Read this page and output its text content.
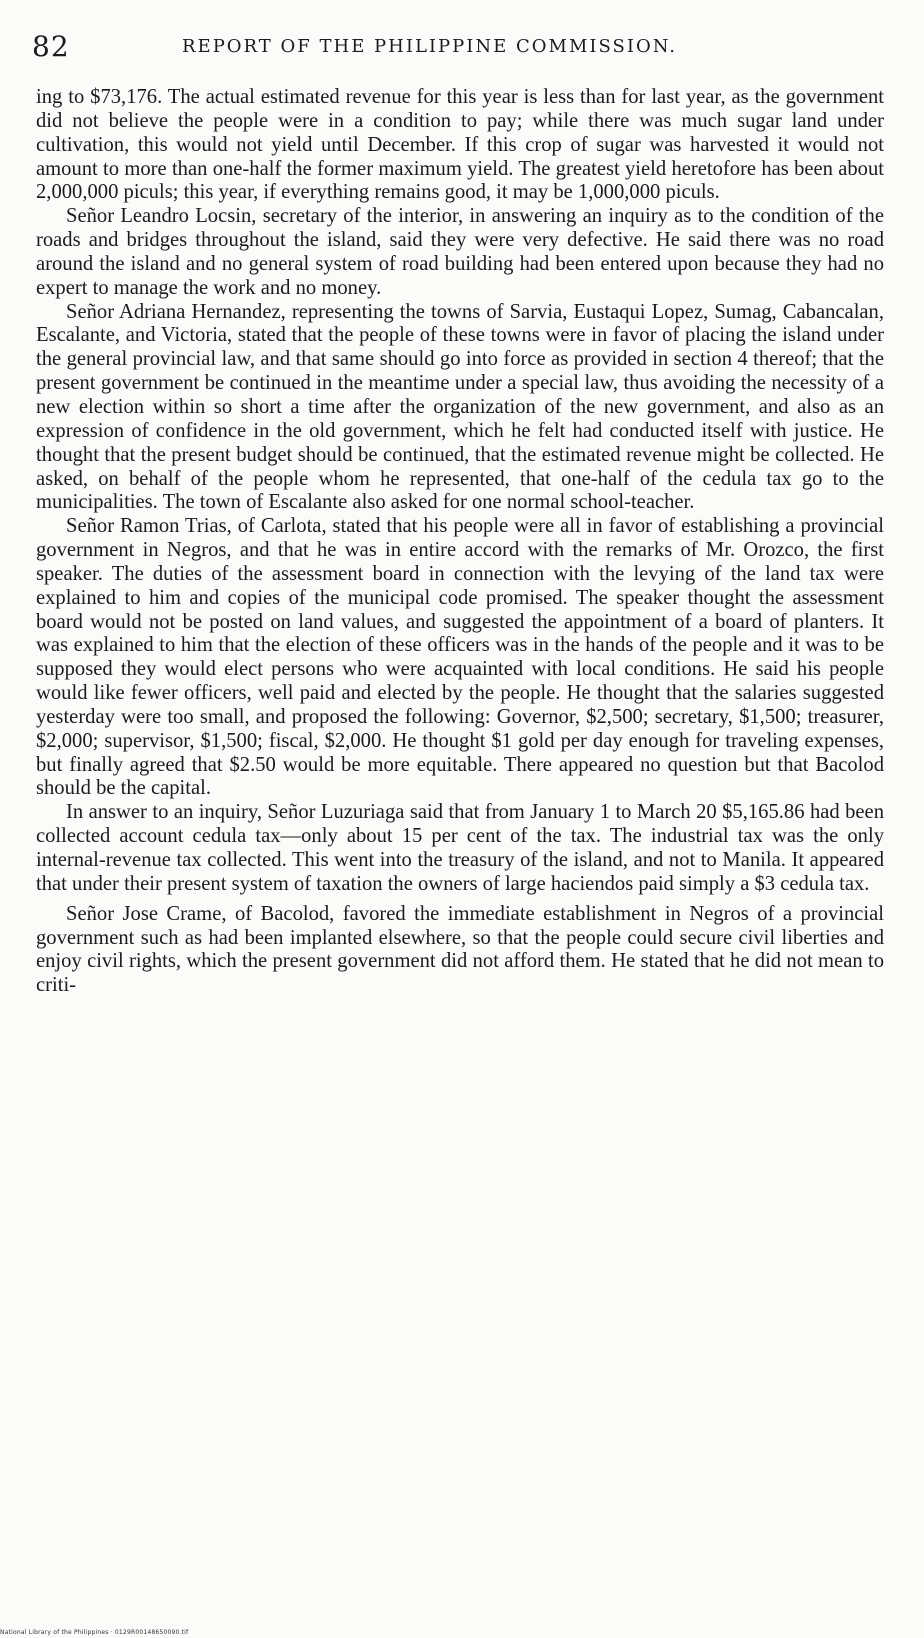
82	REPORT OF THE PHILIPPINE COMMISSION.

ing to $73,176. The actual estimated revenue for this year is less than for last year, as the government did not believe the people were in a condition to pay; while there was much sugar land under cultivation, this would not yield until December. If this crop of sugar was harvested it would not amount to more than one-half the former maximum yield. The greatest yield heretofore has been about 2,000,000 piculs; this year, if everything remains good, it may be 1,000,000 piculs.

Señor Leandro Locsin, secretary of the interior, in answering an inquiry as to the condition of the roads and bridges throughout the island, said they were very defective. He said there was no road around the island and no general system of road building had been entered upon because they had no expert to manage the work and no money.

Señor Adriana Hernandez, representing the towns of Sarvia, Eustaqui Lopez, Sumag, Cabancalan, Escalante, and Victoria, stated that the people of these towns were in favor of placing the island under the general provincial law, and that same should go into force as provided in section 4 thereof; that the present government be continued in the meantime under a special law, thus avoiding the necessity of a new election within so short a time after the organization of the new government, and also as an expression of confidence in the old government, which he felt had conducted itself with justice. He thought that the present budget should be continued, that the estimated revenue might be collected. He asked, on behalf of the people whom he represented, that one-half of the cedula tax go to the municipalities. The town of Escalante also asked for one normal school-teacher.

Señor Ramon Trias, of Carlota, stated that his people were all in favor of establishing a provincial government in Negros, and that he was in entire accord with the remarks of Mr. Orozco, the first speaker. The duties of the assessment board in connection with the levying of the land tax were explained to him and copies of the municipal code promised. The speaker thought the assessment board would not be posted on land values, and suggested the appointment of a board of planters. It was explained to him that the election of these officers was in the hands of the people and it was to be supposed they would elect persons who were acquainted with local conditions. He said his people would like fewer officers, well paid and elected by the people. He thought that the salaries suggested yesterday were too small, and proposed the following: Governor, $2,500; secretary, $1,500; treasurer, $2,000; supervisor, $1,500; fiscal, $2,000. He thought $1 gold per day enough for traveling expenses, but finally agreed that $2.50 would be more equitable. There appeared no question but that Bacolod should be the capital.

In answer to an inquiry, Señor Luzuriaga said that from January 1 to March 20 $5,165.86 had been collected account cedula tax—only about 15 per cent of the tax. The industrial tax was the only internal-revenue tax collected. This went into the treasury of the island, and not to Manila. It appeared that under their present system of taxation the owners of large haciendos paid simply a $3 cedula tax.

Señor Jose Crame, of Bacolod, favored the immediate establishment in Negros of a provincial government such as had been implanted elsewhere, so that the people could secure civil liberties and enjoy civil rights, which the present government did not afford them. He stated that he did not mean to criti-

National Library of the Philippines · 0129R00148650090.tif
